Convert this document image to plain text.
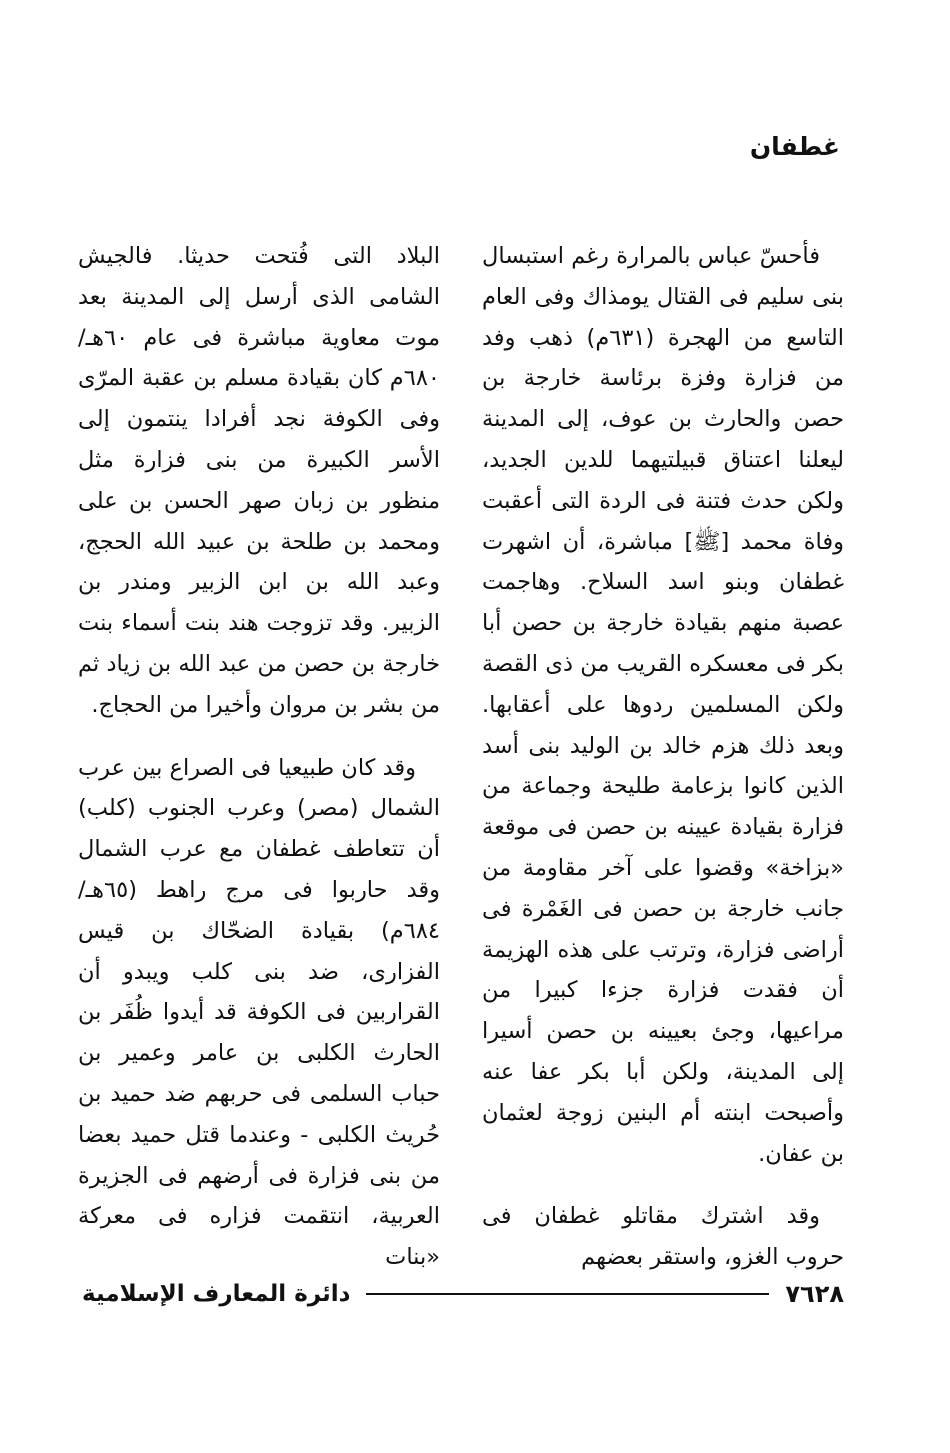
غطفان

فأحسّ عباس بالمرارة رغم استبسال بنى سليم فى القتال يومذاك وفى العام التاسع من الهجرة (٦٣١م) ذهب وفد من فزارة وفزة برئاسة خارجة بن حصن والحارث بن عوف، إلى المدينة ليعلنا اعتناق قبيلتيهما للدين الجديد، ولكن حدث فتنة فى الردة التى أعقبت وفاة محمد [ﷺ] مباشرة، أن اشهرت غطفان وبنو اسد السلاح. وهاجمت عصبة منهم بقيادة خارجة بن حصن أبا بكر فى معسكره القريب من ذى القصة ولكن المسلمين ردوها على أعقابها. وبعد ذلك هزم خالد بن الوليد بنى أسد الذين كانوا بزعامة طليحة وجماعة من فزارة بقيادة عيينه بن حصن فى موقعة «بزاخة» وقضوا على آخر مقاومة من جانب خارجة بن حصن فى الغَمْرة فى أراضى فزارة، وترتب على هذه الهزيمة أن فقدت فزارة جزءا كبيرا من مراعيها، وجئ بعيينه بن حصن أسيرا إلى المدينة، ولكن أبا بكر عفا عنه وأصبحت ابنته أم البنين زوجة لعثمان بن عفان.

وقد اشترك مقاتلو غطفان فى حروب الغزو، واستقر بعضهم

البلاد التى فُتحت حديثا. فالجيش الشامى الذى أرسل إلى المدينة بعد موت معاوية مباشرة فى عام ٦٠هـ/ ٦٨٠م كان بقيادة مسلم بن عقبة المرّى وفى الكوفة نجد أفرادا ينتمون إلى الأسر الكبيرة من بنى فزارة مثل منظور بن زبان صهر الحسن بن على ومحمد بن طلحة بن عبيد الله الحجج، وعبد الله بن ابن الزبير ومندر بن الزبير. وقد تزوجت هند بنت أسماء بنت خارجة بن حصن من عبد الله بن زياد ثم من بشر بن مروان وأخيرا من الحجاج.

وقد كان طبيعيا فى الصراع بين عرب الشمال (مصر) وعرب الجنوب (كلب) أن تتعاطف غطفان مع عرب الشمال وقد حاربوا فى مرج راهط (٦٥هـ/ ٦٨٤م) بقيادة الضحّاك بن قيس الفزارى، ضد بنى كلب ويبدو أن القراربين فى الكوفة قد أيدوا ظُفَر بن الحارث الكلبى بن عامر وعمير بن حباب السلمى فى حربهم ضد حميد بن حُريث الكلبى - وعندما قتل حميد بعضا من بنى فزارة فى أرضهم فى الجزيرة العربية، انتقمت فزاره فى معركة «بنات

٧٦٢٨
دائرة المعارف الإسلامية
